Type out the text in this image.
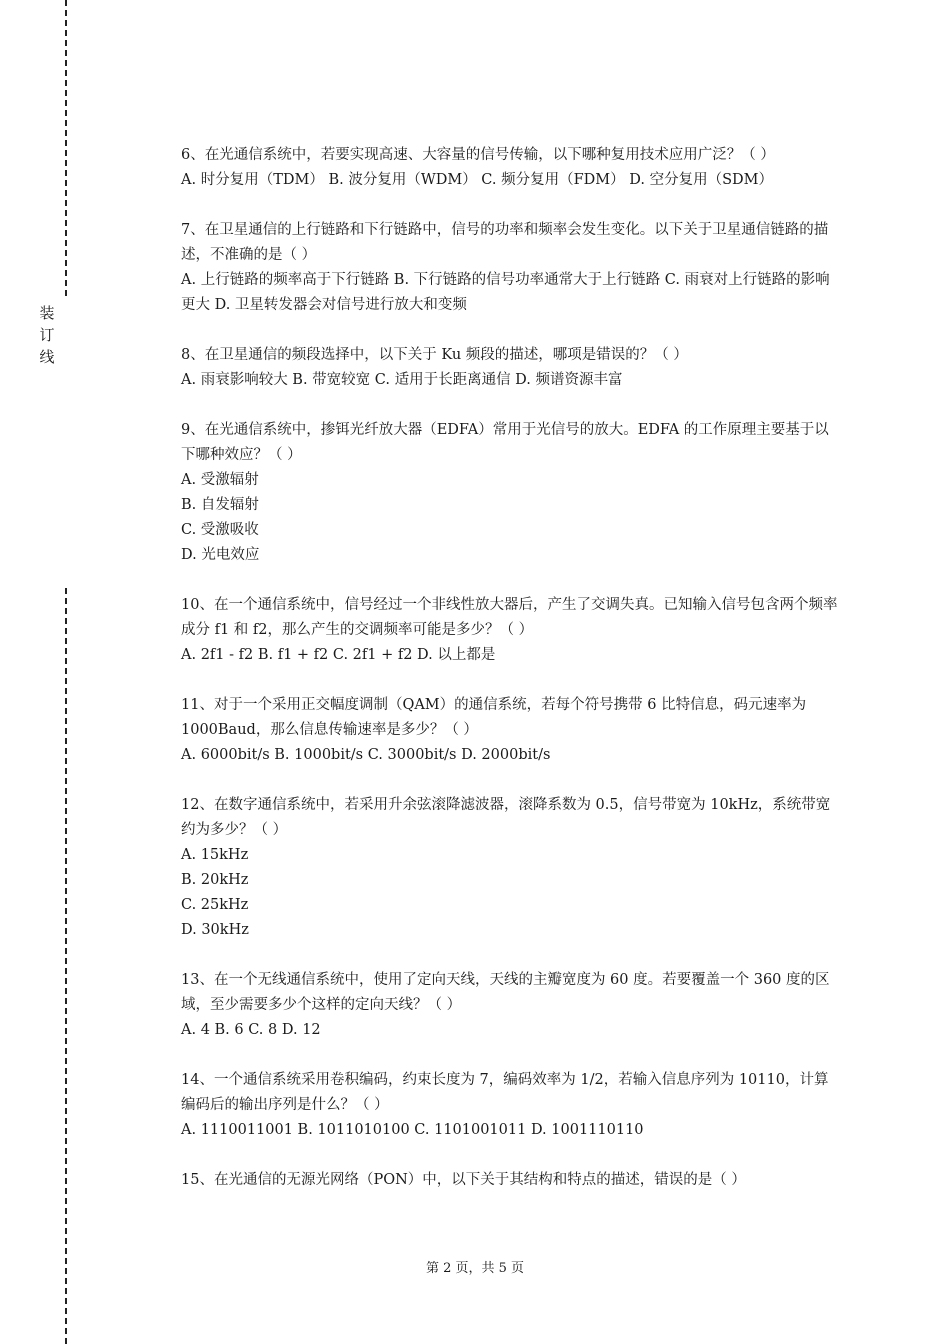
装
订
线

6、在光通信系统中，若要实现高速、大容量的信号传输，以下哪种复用技术应用广泛？（ ）

A. 时分复用（TDM） B. 波分复用（WDM） C. 频分复用（FDM） D. 空分复用（SDM）

7、在卫星通信的上行链路和下行链路中，信号的功率和频率会发生变化。以下关于卫星通信链路的描述，不准确的是（ ）

A. 上行链路的频率高于下行链路 B. 下行链路的信号功率通常大于上行链路 C. 雨衰对上行链路的影响更大 D. 卫星转发器会对信号进行放大和变频

8、在卫星通信的频段选择中，以下关于 Ku 频段的描述，哪项是错误的？（ ）

A. 雨衰影响较大 B. 带宽较宽 C. 适用于长距离通信 D. 频谱资源丰富

9、在光通信系统中，掺铒光纤放大器（EDFA）常用于光信号的放大。EDFA 的工作原理主要基于以下哪种效应？（ ）

A. 受激辐射

B. 自发辐射

C. 受激吸收

D. 光电效应

10、在一个通信系统中，信号经过一个非线性放大器后，产生了交调失真。已知输入信号包含两个频率成分 f1 和 f2，那么产生的交调频率可能是多少？（ ）

A. 2f1 - f2 B. f1 + f2 C. 2f1 + f2 D. 以上都是

11、对于一个采用正交幅度调制（QAM）的通信系统，若每个符号携带 6 比特信息，码元速率为 1000Baud，那么信息传输速率是多少？（ ）

A. 6000bit/s B. 1000bit/s C. 3000bit/s D. 2000bit/s

12、在数字通信系统中，若采用升余弦滚降滤波器，滚降系数为 0.5，信号带宽为 10kHz，系统带宽约为多少？（ ）

A. 15kHz

B. 20kHz

C. 25kHz

D. 30kHz

13、在一个无线通信系统中，使用了定向天线，天线的主瓣宽度为 60 度。若要覆盖一个 360 度的区域，至少需要多少个这样的定向天线？（ ）

A. 4 B. 6 C. 8 D. 12

14、一个通信系统采用卷积编码，约束长度为 7，编码效率为 1/2，若输入信息序列为 10110，计算编码后的输出序列是什么？（ ）

A. 1110011001 B. 1011010100 C. 1101001011 D. 1001110110

15、在光通信的无源光网络（PON）中，以下关于其结构和特点的描述，错误的是（ ）

第 2 页，共 5 页
